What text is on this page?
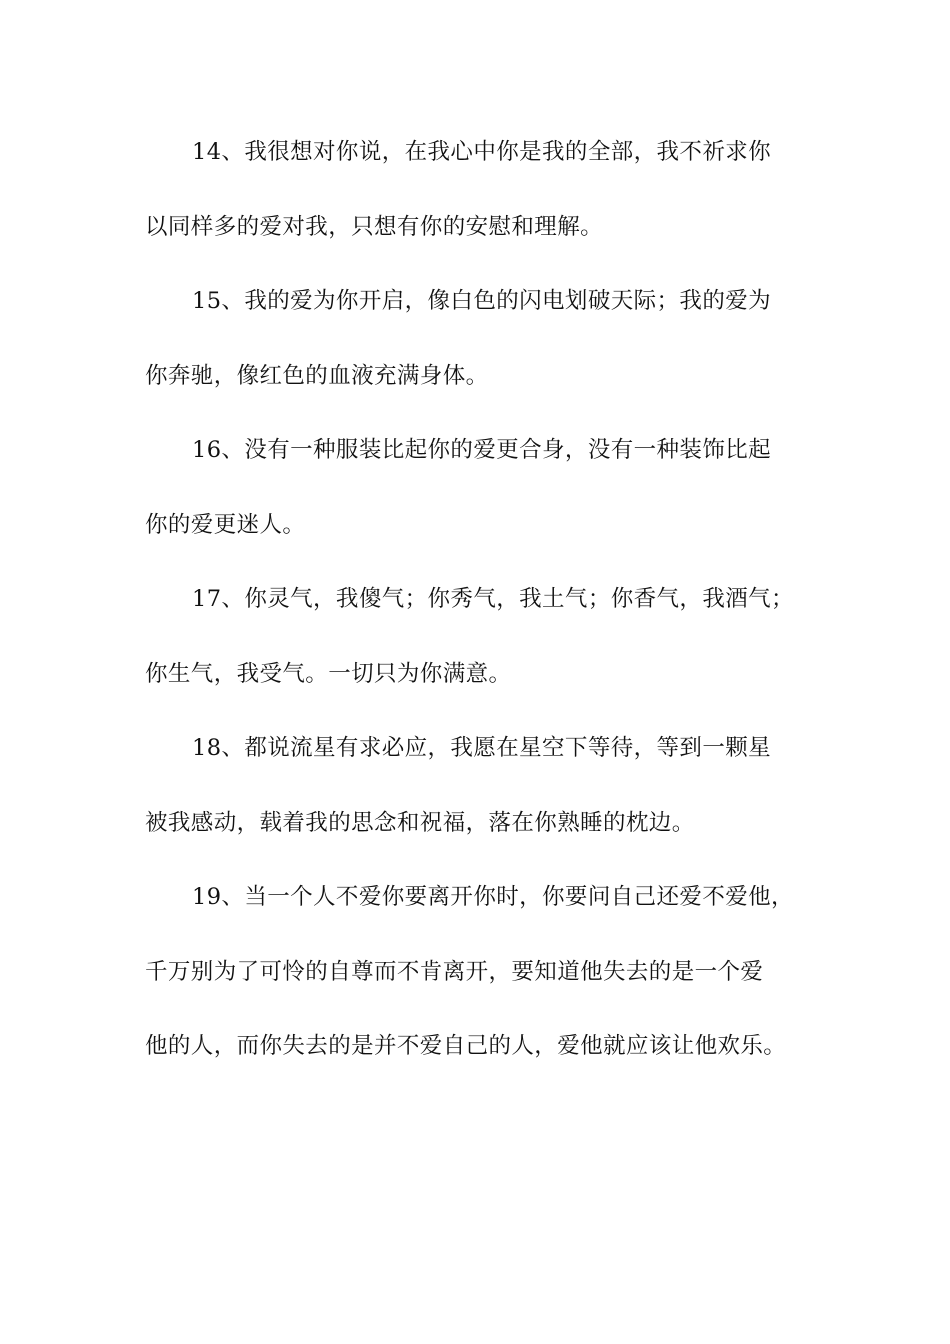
14、我很想对你说，在我心中你是我的全部，我不祈求你
以同样多的爱对我，只想有你的安慰和理解。
15、我的爱为你开启，像白色的闪电划破天际；我的爱为
你奔驰，像红色的血液充满身体。
16、没有一种服装比起你的爱更合身，没有一种装饰比起
你的爱更迷人。
17、你灵气，我傻气；你秀气，我土气；你香气，我酒气；
你生气，我受气。一切只为你满意。
18、都说流星有求必应，我愿在星空下等待，等到一颗星
被我感动，载着我的思念和祝福，落在你熟睡的枕边。
19、当一个人不爱你要离开你时，你要问自己还爱不爱他，
千万别为了可怜的自尊而不肯离开，要知道他失去的是一个爱
他的人，而你失去的是并不爱自己的人，爱他就应该让他欢乐。
